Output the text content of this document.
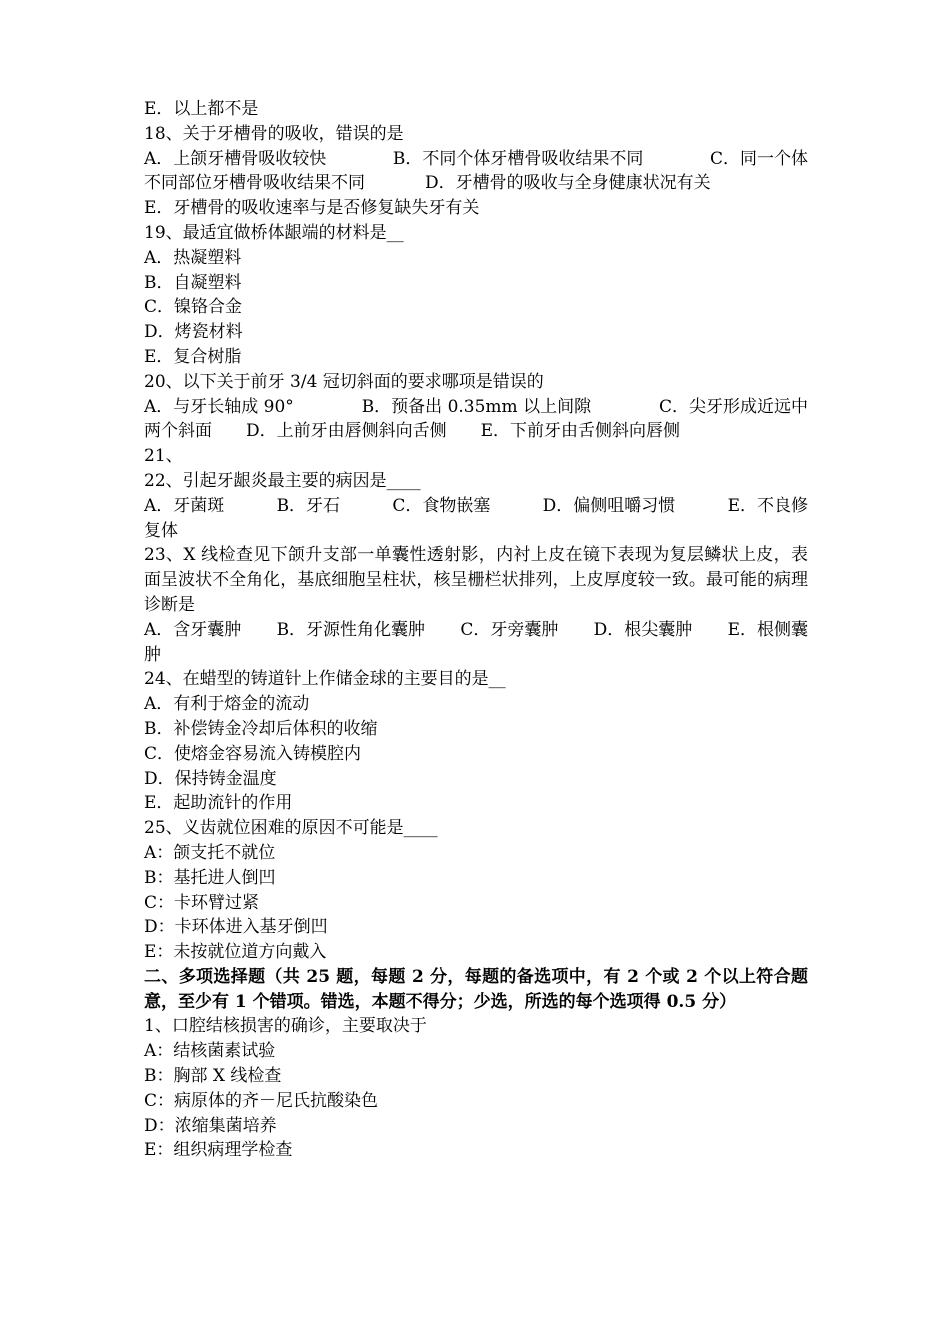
E．以上都不是
18、关于牙槽骨的吸收，错误的是
A．上颌牙槽骨吸收较快	B．不同个体牙槽骨吸收结果不同	C．同一个体
不同部位牙槽骨吸收结果不同	D．牙槽骨的吸收与全身健康状况有关
E．牙槽骨的吸收速率与是否修复缺失牙有关
19、最适宜做桥体龈端的材料是__
A．热凝塑料
B．自凝塑料
C．镍铬合金
D．烤瓷材料
E．复合树脂
20、以下关于前牙 3/4 冠切斜面的要求哪项是错误的
A．与牙长轴成 90°	B．预备出 0.35mm 以上间隙	C．尖牙形成近远中
两个斜面 D．上前牙由唇侧斜向舌侧 E．下前牙由舌侧斜向唇侧
21、
22、引起牙龈炎最主要的病因是____
A．牙菌斑	B．牙石	C．食物嵌塞	D．偏侧咀嚼习惯	E．不良修
复体
23、X 线检查见下颌升支部一单囊性透射影，内衬上皮在镜下表现为复层鳞状上皮，表面呈波状不全角化，基底细胞呈柱状，核呈栅栏状排列，上皮厚度较一致。最可能的病理诊断是
A．含牙囊肿 B．牙源性角化囊肿 C．牙旁囊肿 D．根尖囊肿 E．根侧囊
肿
24、在蜡型的铸道针上作储金球的主要目的是__
A．有利于熔金的流动
B．补偿铸金冷却后体积的收缩
C．使熔金容易流入铸模腔内
D．保持铸金温度
E．起助流针的作用
25、义齿就位困难的原因不可能是____
A：颌支托不就位
B：基托进人倒凹
C：卡环臂过紧
D：卡环体进入基牙倒凹
E：未按就位道方向戴入
二、多项选择题（共 25 题，每题 2 分，每题的备选项中，有 2 个或 2 个以上符合题意，至少有 1 个错项。错选，本题不得分；少选，所选的每个选项得 0.5 分）
1、口腔结核损害的确诊，主要取决于
A：结核菌素试验
B：胸部 X 线检查
C：病原体的齐－尼氏抗酸染色
D：浓缩集菌培养
E：组织病理学检查
